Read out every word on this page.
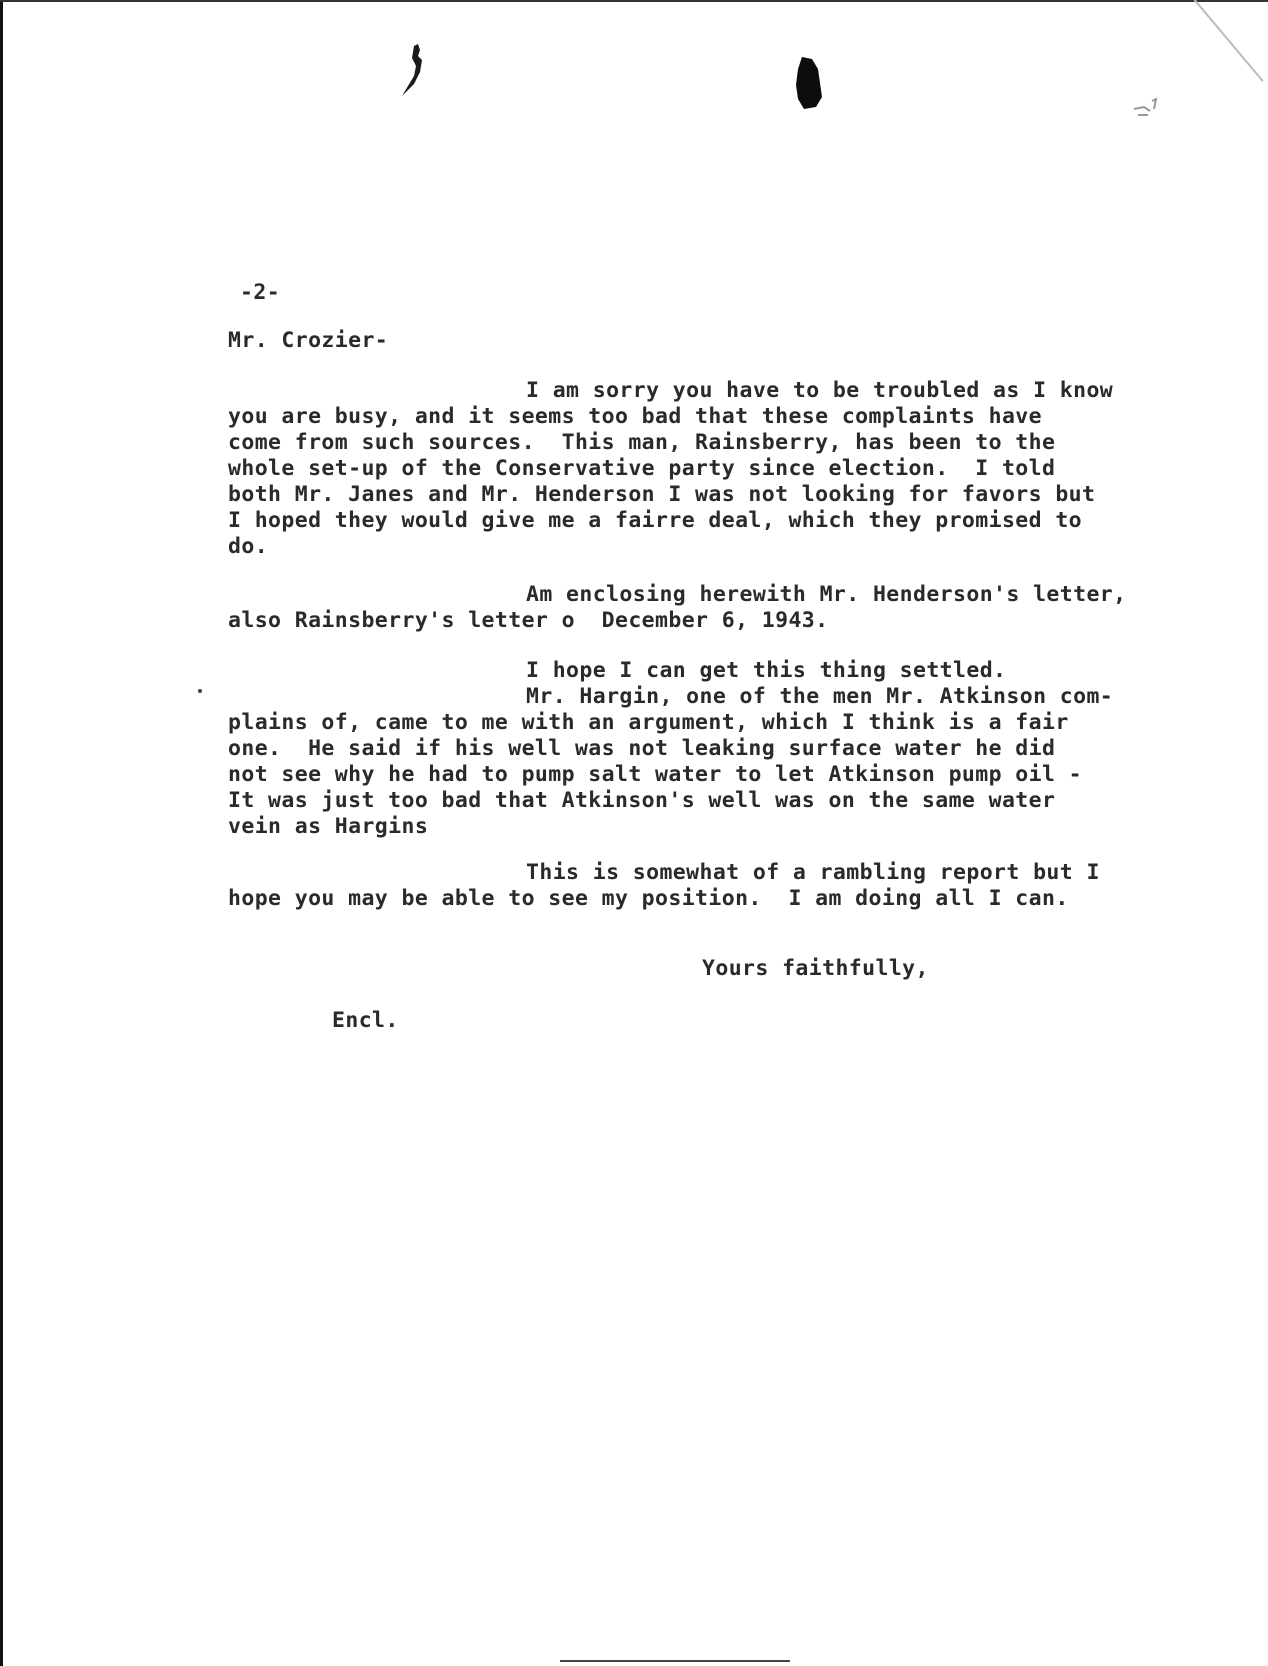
-2-
Mr. Crozier-
I am sorry you have to be troubled as I know
you are busy, and it seems too bad that these complaints have
come from such sources.  This man, Rainsberry, has been to the
whole set-up of the Conservative party since election.  I told
both Mr. Janes and Mr. Henderson I was not looking for favors but
I hoped they would give me a fairre deal, which they promised to
do.
Am enclosing herewith Mr. Henderson's letter,
also Rainsberry's letter o  December 6, 1943.
I hope I can get this thing settled.
Mr. Hargin, one of the men Mr. Atkinson com-
plains of, came to me with an argument, which I think is a fair
one.  He said if his well was not leaking surface water he did
not see why he had to pump salt water to let Atkinson pump oil -
It was just too bad that Atkinson's well was on the same water
vein as Hargins
This is somewhat of a rambling report but I
hope you may be able to see my position.  I am doing all I can.
Yours faithfully,
Encl.
